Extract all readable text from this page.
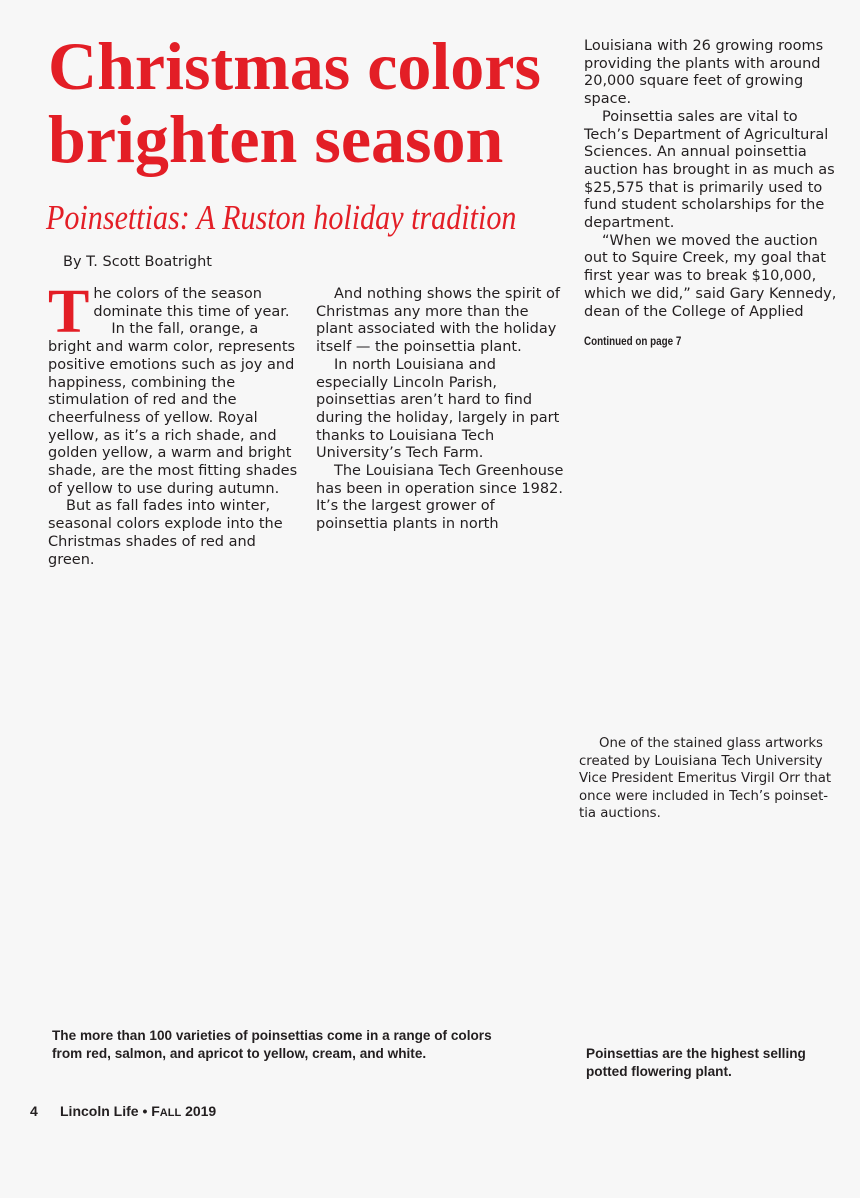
Christmas colors
brighten season
Poinsettias: A Ruston holiday tradition
By T. Scott Boatright

The colors of the season dominate this time of year.
In the fall, orange, a bright and warm color, represents positive emotions such as joy and happiness, combining the stimulation of red and the cheerfulness of yellow. Royal yellow, as it’s a rich shade, and golden yellow, a warm and bright shade, are the most fitting shades of yellow to use during autumn.

But as fall fades into winter, seasonal colors explode into the Christmas shades of red and green.

And nothing shows the spirit of Christmas any more than the plant associated with the holiday itself — the poinsettia plant.

In north Louisiana and especially Lincoln Parish, poinsettias aren’t hard to find during the holiday, largely in part thanks to Louisiana Tech University’s Tech Farm.

The Louisiana Tech Greenhouse has been in operation since 1982. It’s the largest grower of poinsettia plants in north

Louisiana with 26 growing rooms providing the plants with around 20,000 square feet of growing space.

Poinsettia sales are vital to Tech’s Department of Agricultural Sciences. An annual poinsettia auction has brought in as much as $25,575 that is primarily used to fund student scholarships for the department.

“When we moved the auction out to Squire Creek, my goal that first year was to break $10,000, which we did,” said Gary Kennedy, dean of the College of Applied

Continued on page 7
One of the stained glass artworks created by Louisiana Tech University Vice President Emeritus Virgil Orr that once were included in Tech’s poinset-tia auctions.
The more than 100 varieties of poinsettias come in a range of colors from red, salmon, and apricot to yellow, cream, and white.	Poinsettias are the highest selling potted flowering plant.
4 Lincoln Life • FALL 2019
